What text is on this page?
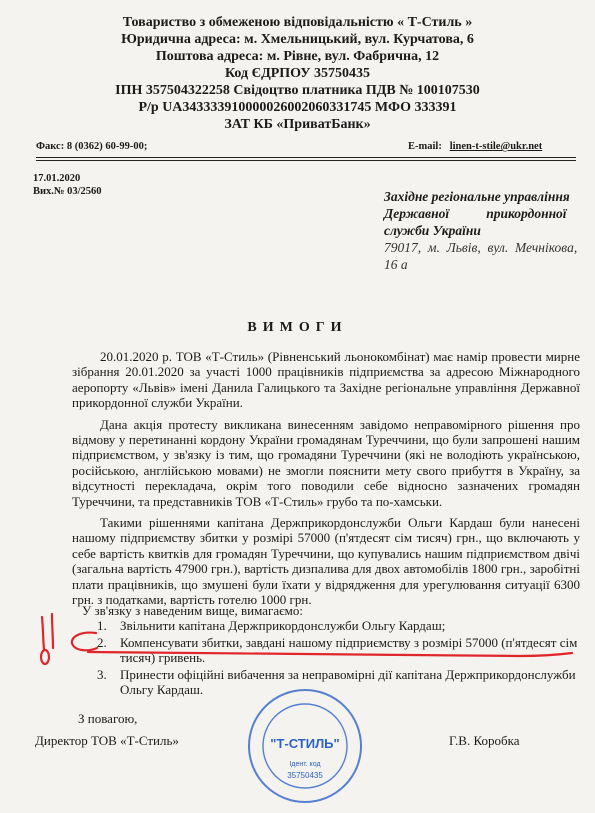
Товариство з обмеженою відповідальністю « Т-Стиль »
Юридична адреса: м. Хмельницький, вул. Курчатова, 6
Поштова адреса: м. Рівне, вул. Фабрична, 12
Код ЄДРПОУ 35750435
ІПН 357504322258 Свідоцтво платника ПДВ № 100107530
Р/р UA343333910000026002060331745 МФО 333391
ЗАТ КБ «ПриватБанк»
Факс: 8 (0362) 60-99-00;	E-mail: linen-t-stile@ukr.net
17.01.2020
Вих.№ 03/2560	Західне регіональне управління
Державної           прикордонної
служби України
79017,  м.  Львів,  вул.  Мечнікова,
16 а
ВИМОГИ

20.01.2020 р. ТОВ «Т-Стиль» (Рівненський льонокомбінат) має намір провести мирне зібрання 20.01.2020 за участі 1000 працівників підприємства за адресою Міжнародного аеропорту «Львів» імені Данила Галицького та Західне регіональне управління Державної прикордонної служби України.

Дана акція протесту викликана винесенням завідомо неправомірного рішення про відмову у перетинанні кордону України громадянам Туреччини, що були запрошені нашим підприємством, у зв'язку із тим, що громадяни Туреччини (які не володіють українською, російською, англійською мовами) не змогли пояснити мету свого прибуття в Україну, за відсутності перекладача, окрім того поводили себе відносно зазначених громадян Туреччини, та представників ТОВ «Т-Стиль» грубо та по-хамськи.

Такими рішеннями капітана Держприкордонслужби Ольги Кардаш були нанесені нашому підприємству збитки у розмірі 57000 (п'ятдесят сім тисяч) грн., що включають у себе вартість квитків для громадян Туреччини, що купувались нашим підприємством двічі (загальна вартість 47900 грн.), вартість дизпалива для двох автомобілів 1800 грн., заробітні плати працівників, що змушені були їхати у відрядження для урегулювання ситуації 6300 грн. з податками, вартість готелю 1000 грн.

У зв'язку з наведеним вище, вимагаємо:
1. Звільнити капітана Держприкордонслужби Ольгу Кардаш;
2. Компенсувати збитки, завдані нашому підприємству з розмірі 57000 (п'ятдесят сім тисяч) гривень.
3. Принести офіційні вибачення за неправомірні дії капітана Держприкордонслужби Ольгу Кардаш.
З повагою,
Директор ТОВ «Т-Стиль»	Г.В. Коробка
"Т-СТИЛЬ"
Ідент. код
35750435
